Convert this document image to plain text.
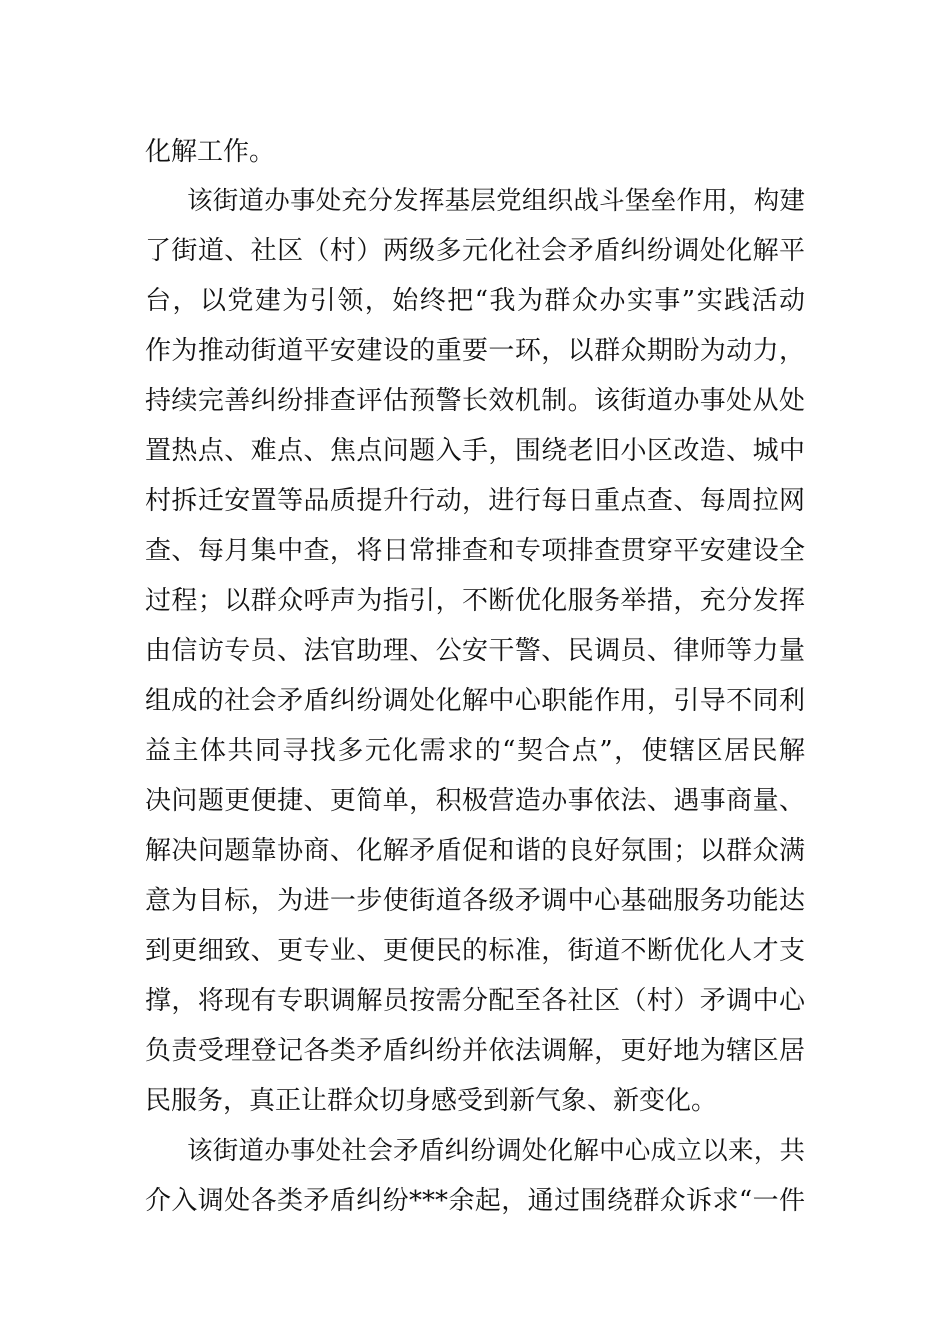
化解工作。
该街道办事处充分发挥基层党组织战斗堡垒作用，构建
了街道、社区（村）两级多元化社会矛盾纠纷调处化解平
台，以党建为引领，始终把“我为群众办实事”实践活动
作为推动街道平安建设的重要一环，以群众期盼为动力，
持续完善纠纷排查评估预警长效机制。该街道办事处从处
置热点、难点、焦点问题入手，围绕老旧小区改造、城中
村拆迁安置等品质提升行动，进行每日重点查、每周拉网
查、每月集中查，将日常排查和专项排查贯穿平安建设全
过程；以群众呼声为指引，不断优化服务举措，充分发挥
由信访专员、法官助理、公安干警、民调员、律师等力量
组成的社会矛盾纠纷调处化解中心职能作用，引导不同利
益主体共同寻找多元化需求的“契合点”，使辖区居民解
决问题更便捷、更简单，积极营造办事依法、遇事商量、
解决问题靠协商、化解矛盾促和谐的良好氛围；以群众满
意为目标，为进一步使街道各级矛调中心基础服务功能达
到更细致、更专业、更便民的标准，街道不断优化人才支
撑，将现有专职调解员按需分配至各社区（村）矛调中心
负责受理登记各类矛盾纠纷并依法调解，更好地为辖区居
民服务，真正让群众切身感受到新气象、新变化。
该街道办事处社会矛盾纠纷调处化解中心成立以来，共
介入调处各类矛盾纠纷***余起，通过围绕群众诉求“一件
